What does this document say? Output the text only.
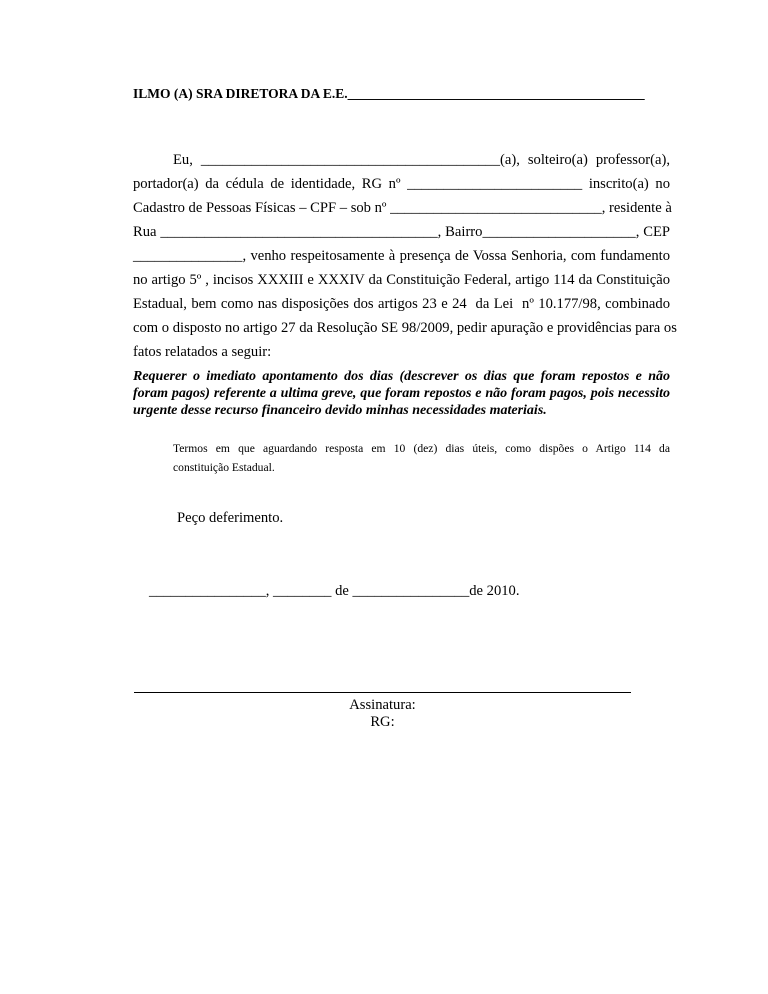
ILMO (A) SRA DIRETORA DA E.E.____________________________________________
Eu, _________________________________________(a), solteiro(a) professor(a),
portador(a) da cédula de identidade, RG nº ________________________ inscrito(a) no
Cadastro de Pessoas Físicas – CPF – sob nº _____________________________, residente à
Rua ______________________________________, Bairro_____________________, CEP
_______________, venho respeitosamente à presença de Vossa Senhoria, com fundamento
no artigo 5º , incisos XXXIII e XXXIV da Constituição Federal, artigo 114 da Constituição
Estadual, bem como nas disposições dos artigos 23 e 24  da Lei  nº 10.177/98, combinado
com o disposto no artigo 27 da Resolução SE 98/2009, pedir apuração e providências para os
fatos relatados a seguir:
Requerer o imediato apontamento dos dias (descrever os dias que foram repostos e não foram pagos) referente a ultima greve, que foram repostos e não foram pagos, pois necessito urgente desse recurso financeiro devido minhas necessidades materiais.
Termos em que aguardando resposta em 10 (dez) dias úteis, como dispões o Artigo 114 da
constituição Estadual.
Peço deferimento.
________________, ________ de ________________de 2010.
Assinatura:
RG:
